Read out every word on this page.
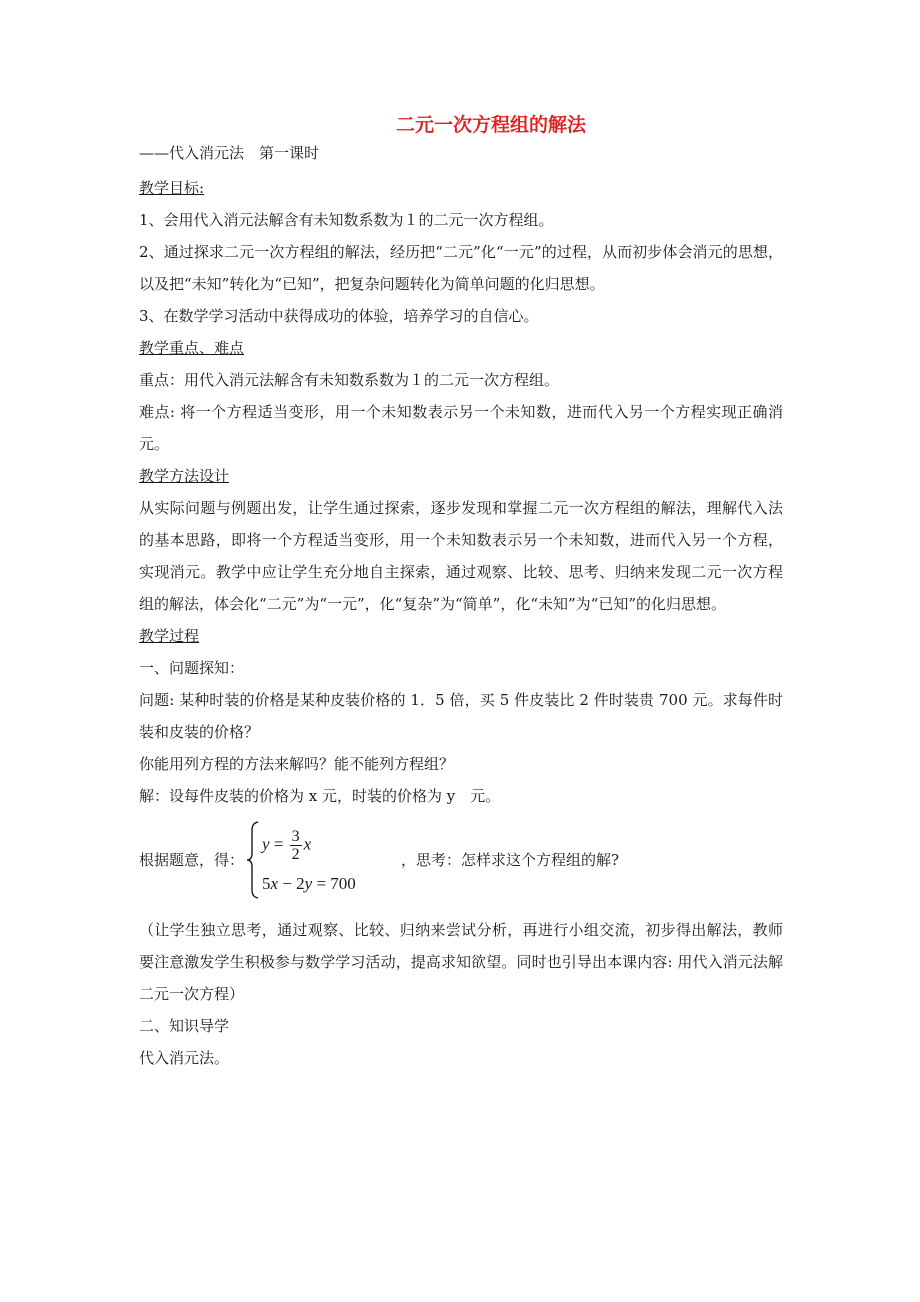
二元一次方程组的解法
——代入消元法　第一课时
教学目标:
1、会用代入消元法解含有未知数系数为１的二元一次方程组。
2、通过探求二元一次方程组的解法，经历把“二元”化“一元”的过程，从而初步体会消元的思想，以及把“未知”转化为“已知”，把复杂问题转化为简单问题的化归思想。
3、在数学学习活动中获得成功的体验，培养学习的自信心。
教学重点、难点
重点：用代入消元法解含有未知数系数为１的二元一次方程组。
难点: 将一个方程适当变形，用一个未知数表示另一个未知数，进而代入另一个方程实现正确消元。
教学方法设计
从实际问题与例题出发，让学生通过探索，逐步发现和掌握二元一次方程组的解法，理解代入法的基本思路，即将一个方程适当变形，用一个未知数表示另一个未知数，进而代入另一个方程，实现消元。教学中应让学生充分地自主探索，通过观察、比较、思考、归纳来发现二元一次方程组的解法，体会化“二元”为“一元”，化“复杂”为“简单”，化“未知”为“已知”的化归思想。
教学过程
一、问题探知：
问题: 某种时装的价格是某种皮装价格的 1．5 倍，买 5 件皮装比 2 件时装贵 700 元。求每件时装和皮装的价格？
你能用列方程的方法来解吗？能不能列方程组？
解：设每件皮装的价格为 x 元，时装的价格为 y　元。
根据题意，得：
$y = \frac{3}{2}$ x
5x − 2y = 700
，思考：怎样求这个方程组的解?
（让学生独立思考，通过观察、比较、归纳来尝试分析，再进行小组交流，初步得出解法，教师要注意激发学生积极参与数学学习活动，提高求知欲望。同时也引导出本课内容: 用代入消元法解二元一次方程）
二、知识导学
代入消元法。
